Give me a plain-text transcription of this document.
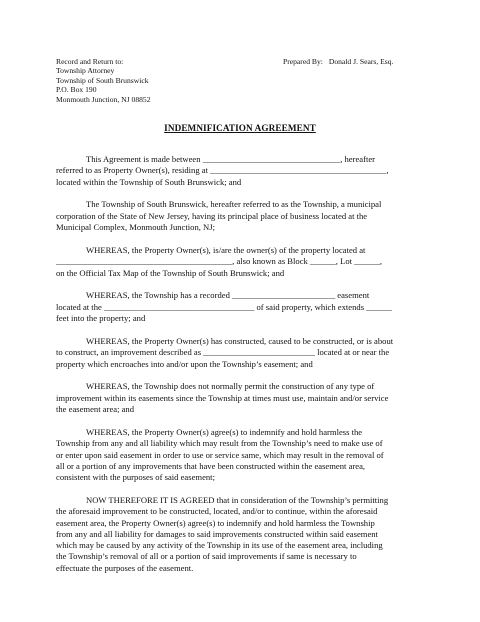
Record and Return to:
Township Attorney
Township of South Brunswick
P.O. Box 190
Monmouth Junction, NJ 08852
Prepared By: Donald J. Sears, Esq.
INDEMNIFICATION AGREEMENT
This Agreement is made between ________________________________, hereafter
referred to as Property Owner(s), residing at _________________________________________,
located within the Township of South Brunswick; and
The Township of South Brunswick, hereafter referred to as the Township, a municipal
corporation of the State of New Jersey, having its principal place of business located at the
Municipal Complex, Monmouth Junction, NJ;
WHEREAS, the Property Owner(s), is/are the owner(s) of the property located at
_________________________________________, also known as Block ______, Lot ______,
on the Official Tax Map of the Township of South Brunswick; and
WHEREAS, the Township has a recorded ________________________ easement
located at the ___________________________________ of said property, which extends ______
feet into the property; and
WHEREAS, the Property Owner(s) has constructed, caused to be constructed, or is about
to construct, an improvement described as __________________________ located at or near the
property which encroaches into and/or upon the Township’s easement; and
WHEREAS, the Township does not normally permit the construction of any type of
improvement within its easements since the Township at times must use, maintain and/or service
the easement area; and
WHEREAS, the Property Owner(s) agree(s) to indemnify and hold harmless the
Township from any and all liability which may result from the Township’s need to make use of
or enter upon said easement in order to use or service same, which may result in the removal of
all or a portion of any improvements that have been constructed within the easement area,
consistent with the purposes of said easement;
NOW THEREFORE IT IS AGREED that in consideration of the Township’s permitting
the aforesaid improvement to be constructed, located, and/or to continue, within the aforesaid
easement area, the Property Owner(s) agree(s) to indemnify and hold harmless the Township
from any and all liability for damages to said improvements constructed within said easement
which may be caused by any activity of the Township in its use of the easement area, including
the Township’s removal of all or a portion of said improvements if same is necessary to
effectuate the purposes of the easement.
